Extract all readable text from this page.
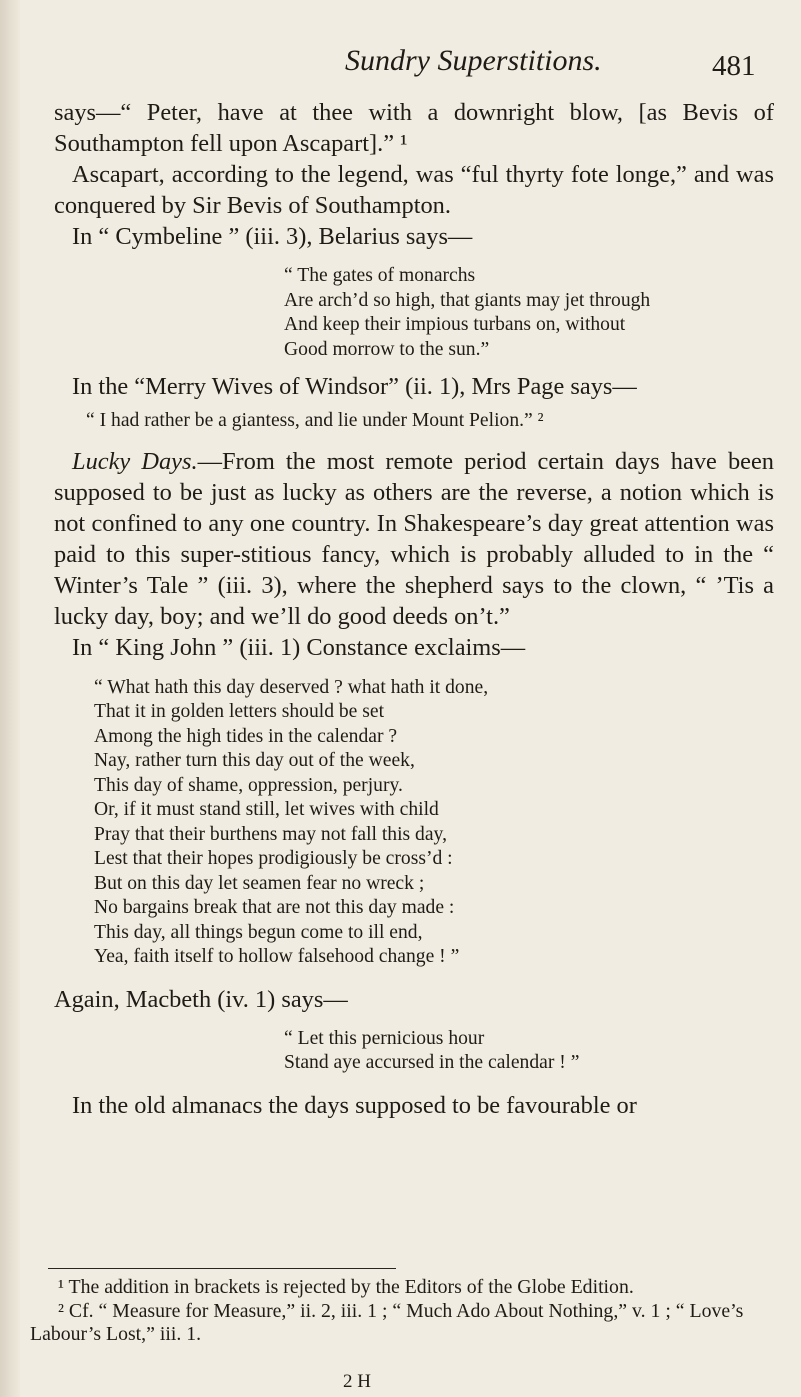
Sundry Superstitions.	481

says—“ Peter, have at thee with a downright blow, [as Bevis of Southampton fell upon Ascapart].” ¹

Ascapart, according to the legend, was “ful thyrty fote longe,” and was conquered by Sir Bevis of Southampton.

In “ Cymbeline ” (iii. 3), Belarius says—

“ The gates of monarchs
Are arch’d so high, that giants may jet through
And keep their impious turbans on, without
Good morrow to the sun.”

In the “Merry Wives of Windsor” (ii. 1), Mrs Page says—

“ I had rather be a giantess, and lie under Mount Pelion.” ²

Lucky Days.—From the most remote period certain days have been supposed to be just as lucky as others are the reverse, a notion which is not confined to any one country. In Shakespeare’s day great attention was paid to this super-stitious fancy, which is probably alluded to in the “ Winter’s Tale ” (iii. 3), where the shepherd says to the clown, “ ’Tis a lucky day, boy; and we’ll do good deeds on’t.”

In “ King John ” (iii. 1) Constance exclaims—

“ What hath this day deserved ? what hath it done,
That it in golden letters should be set
Among the high tides in the calendar ?
Nay, rather turn this day out of the week,
This day of shame, oppression, perjury.
Or, if it must stand still, let wives with child
Pray that their burthens may not fall this day,
Lest that their hopes prodigiously be cross’d :
But on this day let seamen fear no wreck ;
No bargains break that are not this day made :
This day, all things begun come to ill end,
Yea, faith itself to hollow falsehood change ! ”

Again, Macbeth (iv. 1) says—

“ Let this pernicious hour
Stand aye accursed in the calendar ! ”

In the old almanacs the days supposed to be favourable or

¹ The addition in brackets is rejected by the Editors of the Globe Edition.

² Cf. “ Measure for Measure,” ii. 2, iii. 1 ; “ Much Ado About Nothing,” v. 1 ; “ Love’s Labour’s Lost,” iii. 1.

2 H
